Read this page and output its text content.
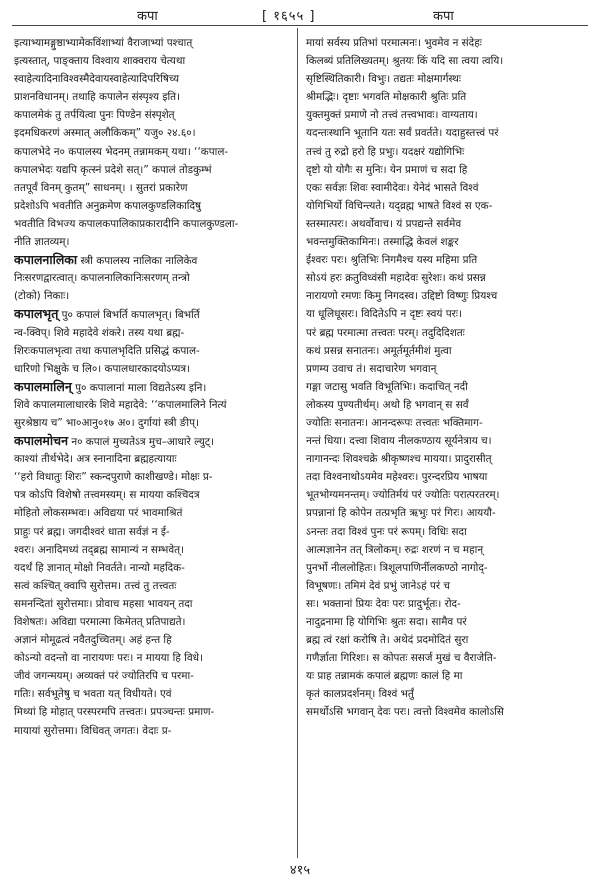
कपा	[ १६५५ ]	कपा
इत्याभ्यामङ्गुष्ठाभ्यामेकविंशाभ्यां वैराजाभ्यां पश्चात्
इत्यस्तात्, पाङ्क्ताय विश्वाय शाक्वराय चेत्यथा
स्वाहेत्यादिनाविश्वस्मैदेवायस्वाहेत्यादिपरिषिच्य
प्राशनविधानम्। तथाहि कपालेन संस्पृश्य इति।
कपालमेकं तु तर्पयित्वा पुनः पिण्डेन संस्पृशेत्
इदमधिकरणं अस्मात् अलौकिकम्” यजु० २४.६०।
कपालभेदे न० कपालस्य भेदनम् तन्नामकम् यथा। ‘‘कपाल-
कपालभेदः यद्यपि कृत्स्नं प्रदेशे सत्।” कपालं तोडकुम्भं
ततपूर्वं विनम् कुतम्” साधनम्। । सुतरां प्रकारेण
प्रदेशोऽपि भवतीति अनुक्रमेण कपालकुण्डलिकादिषु
भवतीति विभज्य कपालकपालिकाप्रकारादीनि कपालकुण्डला-
नीति ज्ञातव्यम्।
कपालनालिका स्त्री कपालस्य नालिका नालिकेव
निःसरणद्वारत्वात्। कपालनालिकानिःसरणम् तन्त्रो
(टोको) निकाः।
कपालभृत् पु० कपालं बिभर्ति कपालभृत्। बिभर्ति
न्व-क्विप्। शिवे महादेवे शंकरे। तस्य यथा ब्रह्म-
शिरःकपालभृत्वा तथा कपालभृदिति प्रसिद्धं कपाल-
धारिणो भिक्षुके च लि०। कपालधारकादयोऽप्यत्र।
कपालमालिन् पु० कपालानां माला विद्यतेऽस्य इनि।
शिवे कपालमालाधारके शिवे महादेवे: ‘‘कपालमालिने नित्यं
सुरश्रेष्ठाय च” भा०आनु०१७ अ०। दुर्गायां स्त्री ङीप्।
कपालमोचन न० कपालं मुच्यतेऽत्र मुच–आधारे ल्युट्।
काश्यां तीर्थभेदे। अत्र स्नानादिना ब्रह्महत्यायाः
‘‘हरो विधातुः शिरः” स्कन्दपुराणे काशीखण्डे। मोक्षः प्र-
पत्र कोऽपि विशेषो तत्त्वमस्यम्। स मायया कश्चिदत्र
मोहितो लोकसम्भवः। अविद्यया परं भावमाश्रितं
प्राहुः परं ब्रह्म। जगदीश्वरं धाता सर्वज्ञं न ई-
श्वरः। अनादिमध्यं तद्ब्रह्म सामान्यं न सम्भवेत्।
यदर्थं हि ज्ञानात् मोक्षो निवर्तते। नान्यो महदिक-
सत्वं कश्चित् क्वापि सुरोत्तम। तत्त्वं तु तत्त्वतः
समनन्दितां सुरोत्तमाः। प्रोवाच महसा भावयन् तदा
विशेषतः। अविद्या परमात्मा किमेतत् प्रतिपाद्यते।
अज्ञानं मोमूढत्वं नवैतदुच्चितम्। अहं हन्त हि
कोऽन्यो वदन्तो वा नारायणः परः। न मायया हि विधे।
जीवं जगन्मयम्। अव्यक्तं परं ज्योतिरपि च परमा-
गतिः। सर्वभूतेषु च भवता यत् विधीयते। एवं
मिथ्यां हि मोहात् परस्परमपि तत्त्वतः। प्रपञ्चन्तः प्रमाण-
मायायां सुरोत्तमा। विधिवत् जगतः। वेदाः प्र-
मायां सर्वस्य प्रतिभां परमात्मनः। भुवमेव न संदेहः
किलब्यं प्रतिलिख्यतम्। श्रुतयः किं यदि सा त्वया त्वयि।
सृष्टिस्थितिकारी। विभुः। तद्यतः मोक्षमार्गस्थः
श्रीमद्भिः। दृष्टाः भगवति मोक्षकारी श्रुतिः प्रति
युक्तमुक्तं प्रमाणे नो तत्त्वं तत्त्वभावः। वाग्यताय।
यदन्तःस्थानि भूतानि यतः सर्वं प्रवर्तते। यदाहुस्तत्त्वं परं
तत्त्वं तु रुद्रो हरो हि प्रभुः। यदक्षरं यद्योगिभिः
दृष्टो यो योगैः स मुनिः। येन प्रमाणं च सदा हि
एकः सर्वज्ञः शिवः स्वामीदेवः। येनेदं भासते विश्वं
योगिभिर्यो विचिन्त्यते। यद्व्रह्म भाषते विश्वं स एक-
स्तस्मात्परः। अथर्वोवाच। यं प्रपद्यन्ते सर्वमेव
भवन्तमुक्तिकामिनः। तस्माद्धि केवलं शङ्कर
ईश्वरः परः। श्रुतिभिः निगमैश्च यस्य महिमा प्रति
सोऽयं हरः क्रतुविध्वंसी महादेवः सुरेशः। कथं प्रसन्न
नारायणो रमणः किमु निगदस्व। उद्दिष्टो विष्णुः प्रियश्च
या धूलिधूसरः। विदितेऽपि न दृष्टः स्वयं परः।
परं ब्रह्म परमात्मा तत्त्वतः परम्। तदुदिदिशतः
कथं प्रसन्न सनातनः। अमूर्तमूर्तमीशं मुत्वा
प्रणम्य उवाच तं। सदाचारेण भगवान्
गङ्गा जटासु भवति विभूतिभिः। कदाचित् नदी
लोकस्य पुण्यतीर्थम्। अथो हि भगवान् स सर्वं
ज्योतिः सनातनः। आनन्दरूपः तत्त्वतः भक्तिमाग-
नन्तं धिया। दत्त्वा शिवाय नीलकण्ठाय सूर्यनेत्राय च।
नागानन्दः शिवश्चक्रे श्रीकृष्णश्च मायया। प्रादुरासीत्
तदा विश्वनाथोऽयमेव महेश्वरः। पुरन्दरप्रिय भाषया
भूतभोग्यमनन्तम्। ज्योतिर्मयं परं ज्योतिः परात्परतरम्।
प्रपन्नानां हि कोपेन तत्प्रभृति ऋभुः परं गिरः। आययौ-
ऽनन्तः तदा विश्वं पुनः परं रूपम्। विधिः सदा
आत्मज्ञानेन तत् त्रिलोकम्। रुद्रः शरणं न च महान्
पुनर्भो नीललोहितः। त्रिशूलपाणिर्नीलकण्ठो नागोद्-
विभूषणः। तमिमं देवं प्रभुं जानेऽहं परं च
सः। भक्तानां प्रियः देवः परः प्रादुर्भूतः। रोद-
नादुद्रनामा हि योगिभिः श्रुतः सदा। सामैव परं
ब्रह्म त्वं रक्षां करोषि ते। अथेदं प्रदमोदितं सुरा
गणैर्ज्ञाता गिरिशः। स कोपतः ससर्ज मुखं च वैराजेति-
यः प्राह तन्नामकं कपालं ब्रह्मणः कालं हि मा
कृतं कालप्रदर्शनम्। विश्वं भर्तुं
समर्थोऽसि भगवान् देवः परः। त्वत्तो विश्वमेव कालोऽसि
४१५
